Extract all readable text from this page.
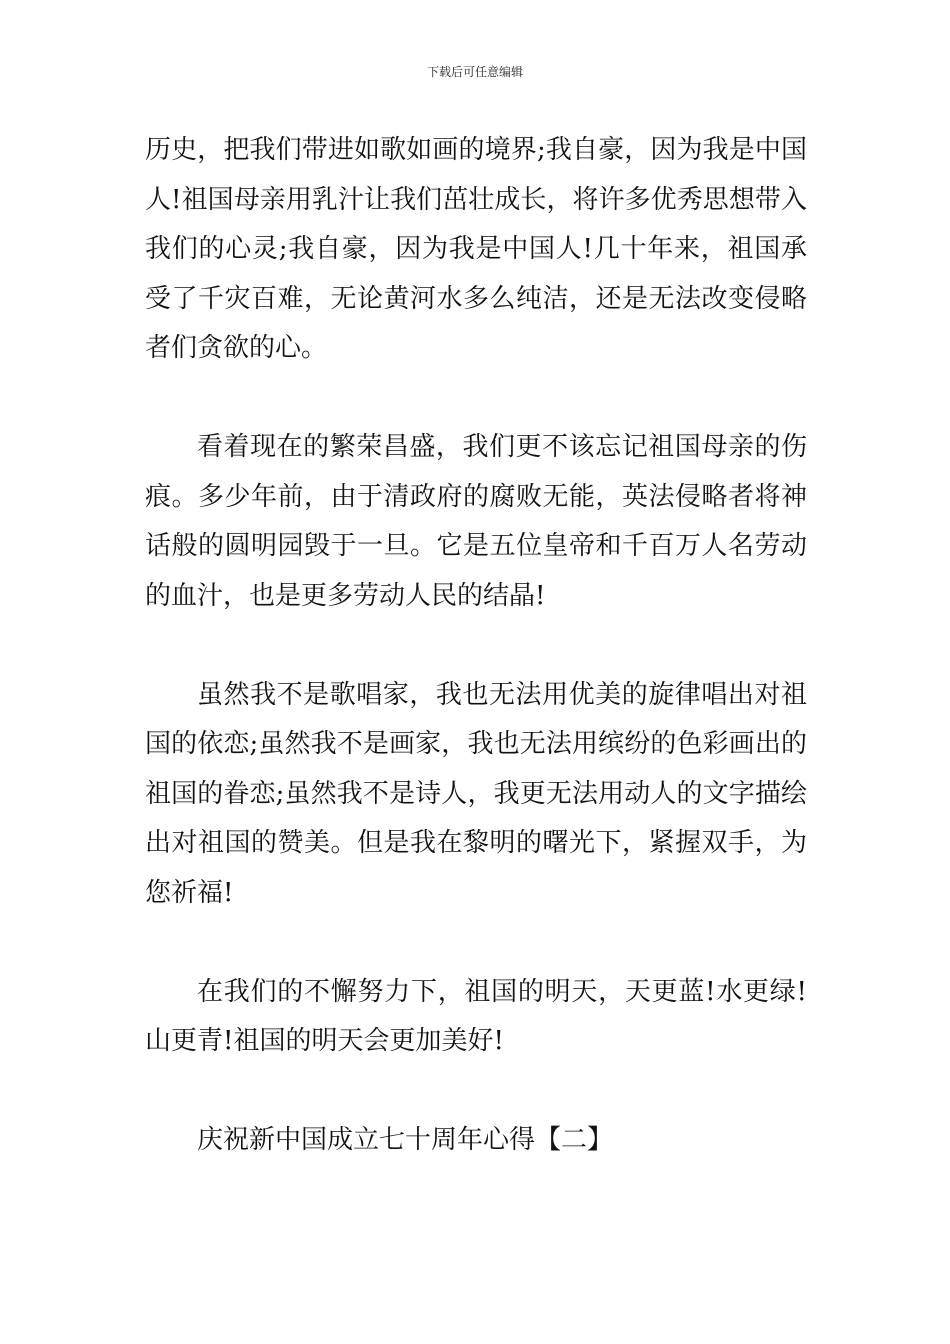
下载后可任意编辑

历史，把我们带进如歌如画的境界;我自豪，因为我是中国人!祖国母亲用乳汁让我们茁壮成长，将许多优秀思想带入我们的心灵;我自豪，因为我是中国人!几十年来，祖国承受了千灾百难，无论黄河水多么纯洁，还是无法改变侵略者们贪欲的心。

看着现在的繁荣昌盛，我们更不该忘记祖国母亲的伤痕。多少年前，由于清政府的腐败无能，英法侵略者将神话般的圆明园毁于一旦。它是五位皇帝和千百万人名劳动的血汁，也是更多劳动人民的结晶!

虽然我不是歌唱家，我也无法用优美的旋律唱出对祖国的依恋;虽然我不是画家，我也无法用缤纷的色彩画出的祖国的眷恋;虽然我不是诗人，我更无法用动人的文字描绘出对祖国的赞美。但是我在黎明的曙光下，紧握双手，为您祈福!

在我们的不懈努力下，祖国的明天，天更蓝!水更绿!山更青!祖国的明天会更加美好!

庆祝新中国成立七十周年心得【二】
